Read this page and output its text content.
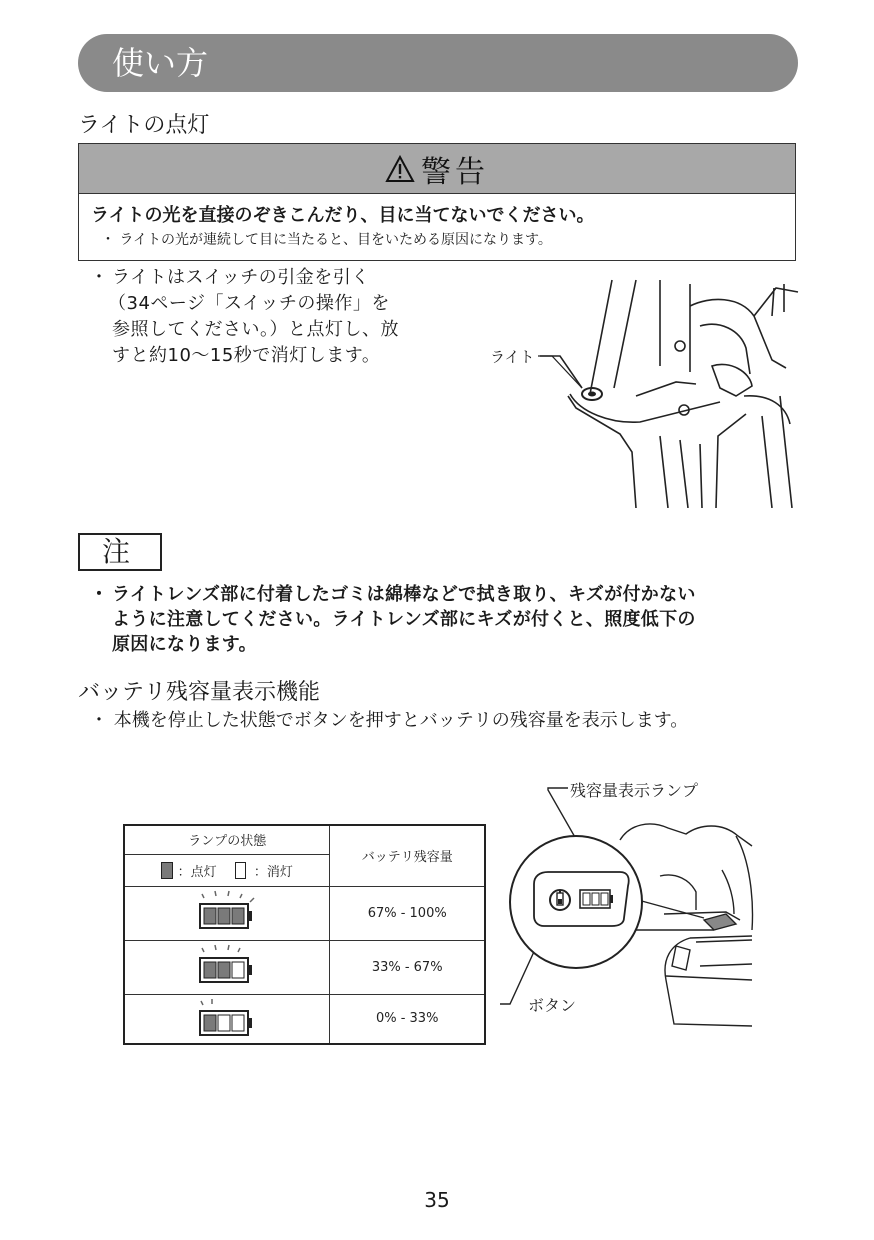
使い方
ライトの点灯
警告
ライトの光を直接のぞきこんだり、目に当てないでください。
・ ライトの光が連続して目に当たると、目をいためる原因になります。
・ ライトはスイッチの引金を引く
（34ページ「スイッチの操作」を
参照してください。）と点灯し、放
すと約10〜15秒で消灯します。	ライト
注
・ ライトレンズ部に付着したゴミは綿棒などで拭き取り、キズが付かない
ように注意してください。ライトレンズ部にキズが付くと、照度低下の
原因になります。
バッテリ残容量表示機能
・ 本機を停止した状態でボタンを押すとバッテリの残容量を表示します。
ランプの状態	バッテリ残容量
：点灯 ：消灯	
	67% - 100%
	33% - 67%
	0% - 33%
残容量表示ランプ
ボタン
35
